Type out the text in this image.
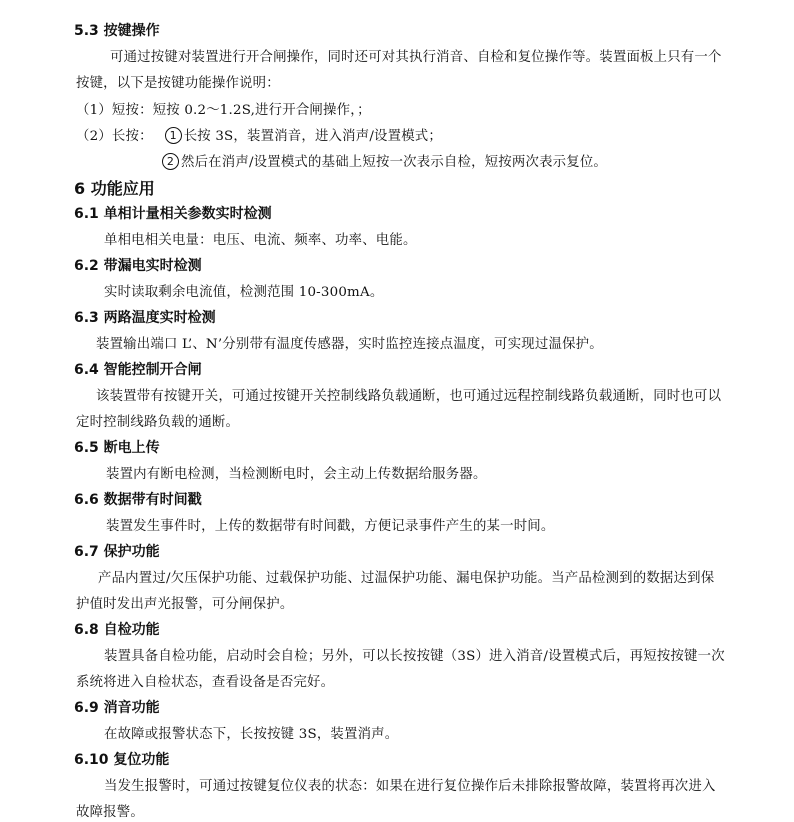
5.3 按键操作
可通过按键对装置进行开合闸操作，同时还可对其执行消音、自检和复位操作等。装置面板上只有一个
按键，以下是按键功能操作说明：
（1）短按：短按 0.2～1.2S,进行开合闸操作，；
（2）长按： 1 长按 3S，装置消音，进入消声/设置模式；
2 然后在消声/设置模式的基础上短按一次表示自检，短按两次表示复位。
6 功能应用
6.1 单相计量相关参数实时检测
单相电相关电量：电压、电流、频率、功率、电能。
6.2 带漏电实时检测
实时读取剩余电流值，检测范围 10-300mA。
6.3 两路温度实时检测
装置输出端口 L’、N’分别带有温度传感器，实时监控连接点温度，可实现过温保护。
6.4 智能控制开合闸
该装置带有按键开关，可通过按键开关控制线路负载通断，也可通过远程控制线路负载通断，同时也可以
定时控制线路负载的通断。
6.5 断电上传
装置内有断电检测，当检测断电时，会主动上传数据给服务器。
6.6 数据带有时间戳
装置发生事件时，上传的数据带有时间戳，方便记录事件产生的某一时间。
6.7 保护功能
产品内置过/欠压保护功能、过载保护功能、过温保护功能、漏电保护功能。当产品检测到的数据达到保
护值时发出声光报警，可分闸保护。
6.8 自检功能
装置具备自检功能，启动时会自检；另外，可以长按按键（3S）进入消音/设置模式后，再短按按键一次
系统将进入自检状态，查看设备是否完好。
6.9 消音功能
在故障或报警状态下，长按按键 3S，装置消声。
6.10 复位功能
当发生报警时，可通过按键复位仪表的状态：如果在进行复位操作后未排除报警故障，装置将再次进入
故障报警。
